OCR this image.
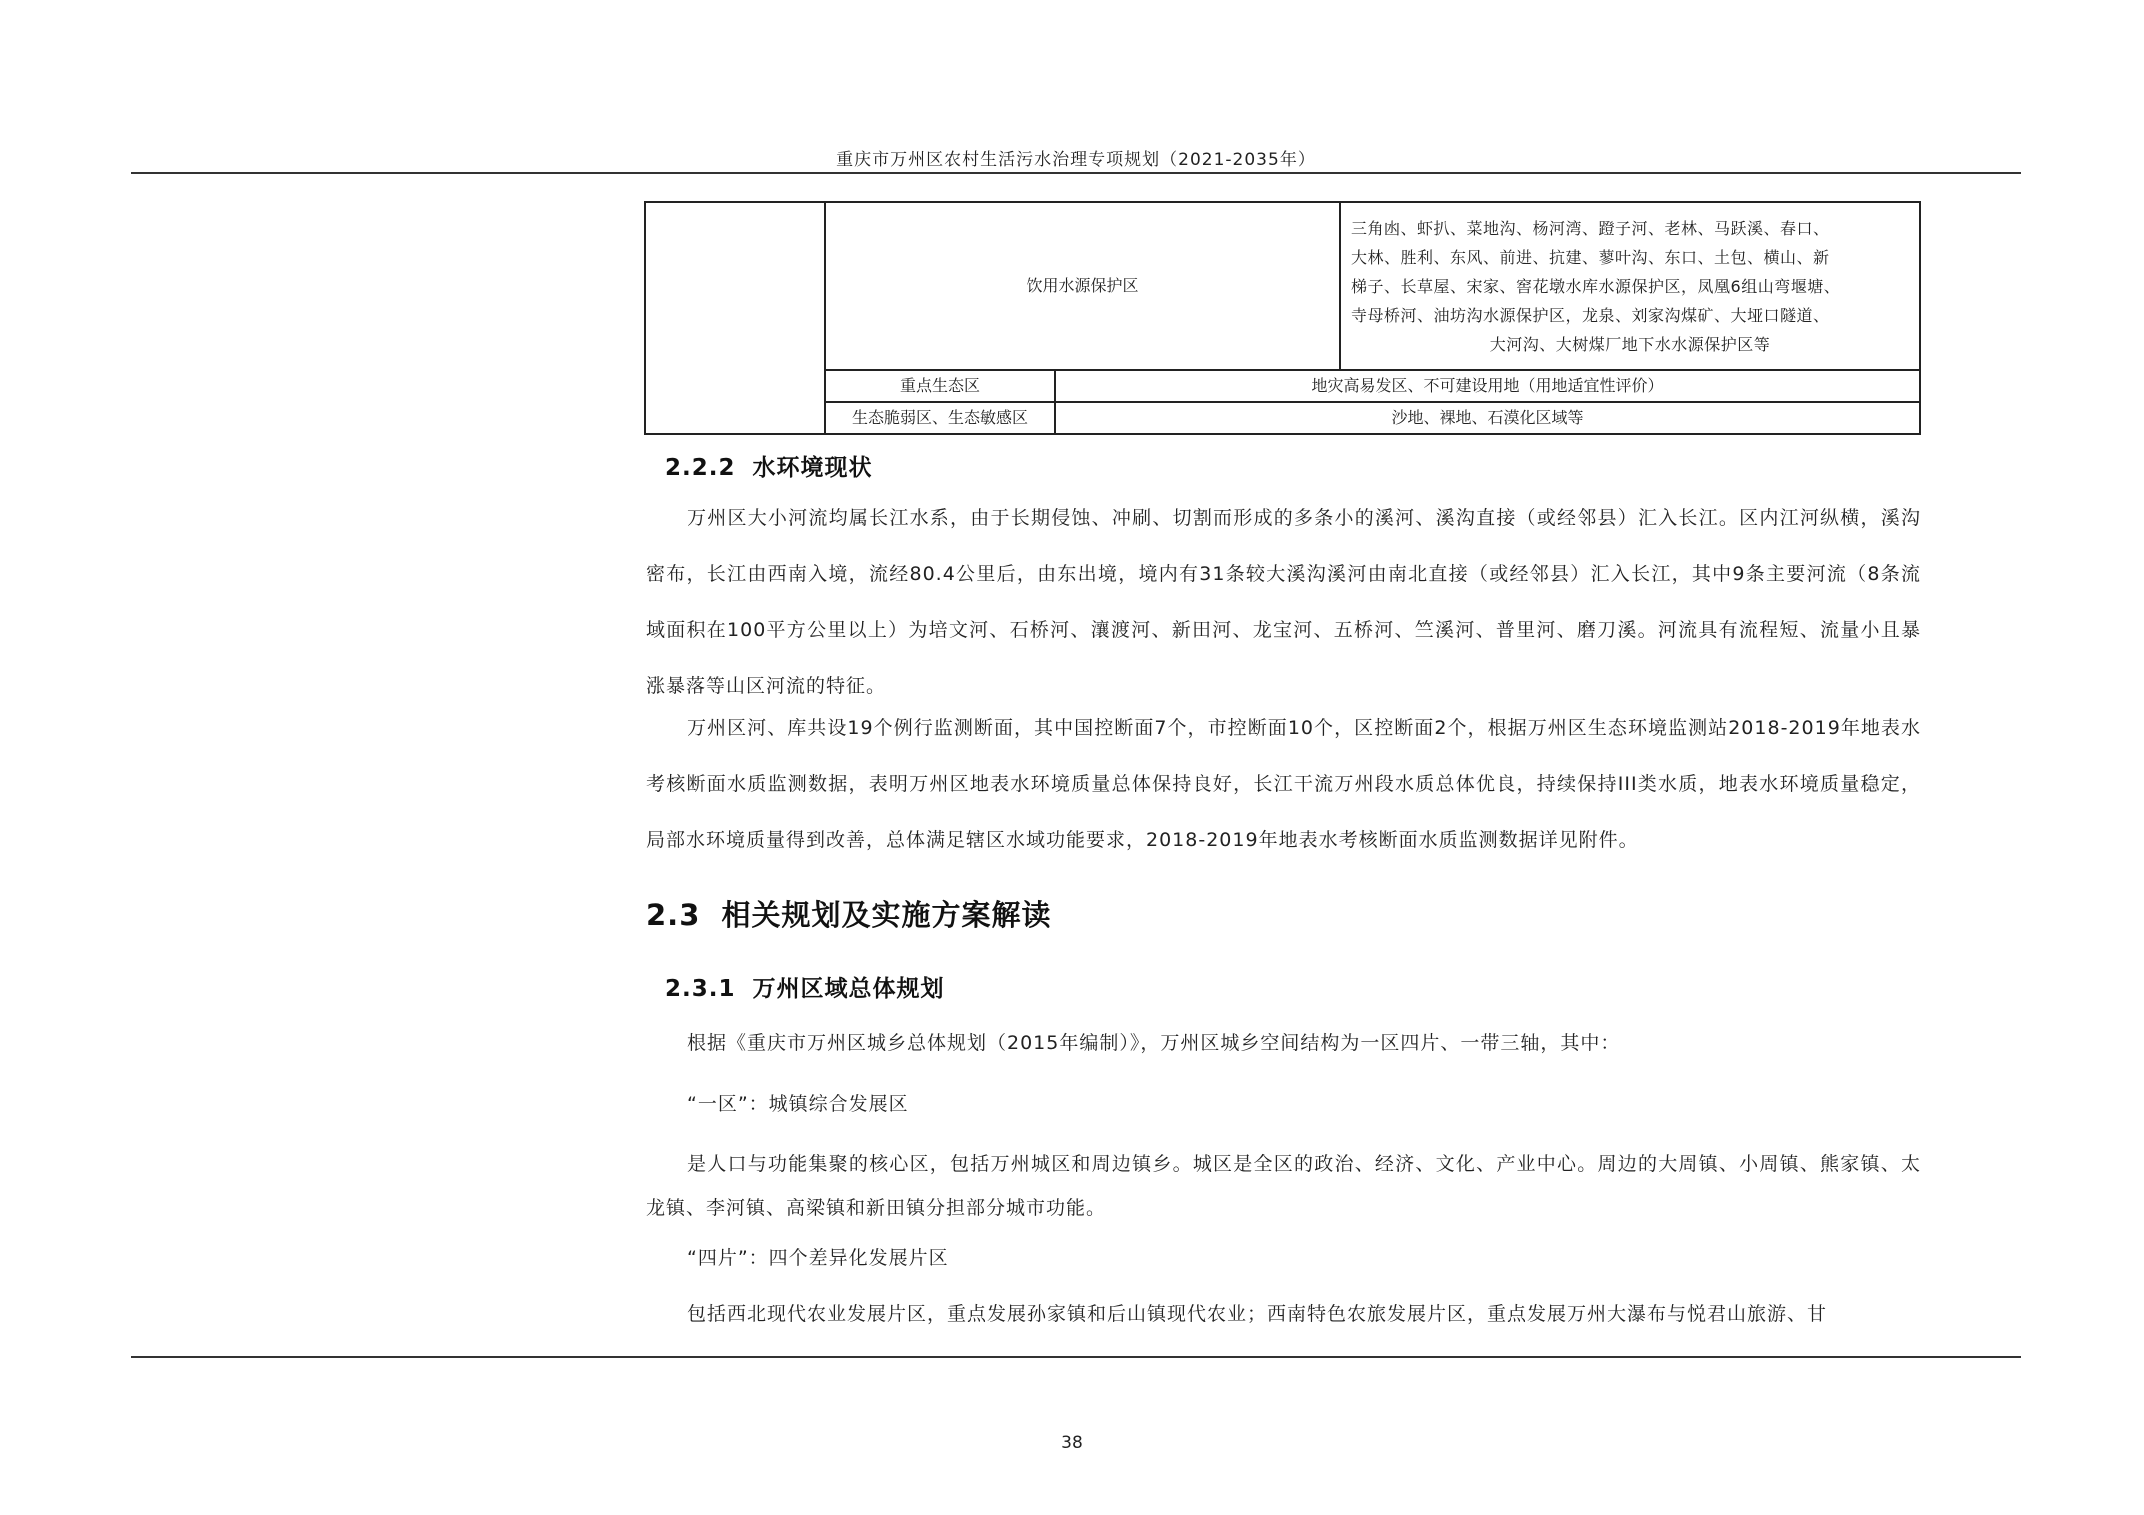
重庆市万州区农村生活污水治理专项规划（2021-2035年）
	饮用水源保护区		三角凼、虾扒、菜地沟、杨河湾、蹬子河、老林、马跃溪、春口、
大林、胜利、东风、前进、抗建、蓼叶沟、东口、土包、横山、新
梯子、长草屋、宋家、窖花墩水库水源保护区，凤凰6组山弯堰塘、
寺母桥河、油坊沟水源保护区，龙泉、刘家沟煤矿、大垭口隧道、
大河沟、大树煤厂地下水水源保护区等

	重点生态区	地灾高易发区、不可建设用地（用地适宜性评价）	
	生态脆弱区、生态敏感区	沙地、裸地、石漠化区域等	
2.2.2 水环境现状
万州区大小河流均属长江水系，由于长期侵蚀、冲刷、切割而形成的多条小的溪河、溪沟直接（或经邻县）汇入长江。区内江河纵横，溪沟密布，长江由西南入境，流经80.4公里后，由东出境，境内有31条较大溪沟溪河由南北直接（或经邻县）汇入长江，其中9条主要河流（8条流域面积在100平方公里以上）为培文河、石桥河、瀼渡河、新田河、龙宝河、五桥河、竺溪河、普里河、磨刀溪。河流具有流程短、流量小且暴涨暴落等山区河流的特征。
万州区河、库共设19个例行监测断面，其中国控断面7个，市控断面10个，区控断面2个，根据万州区生态环境监测站2018-2019年地表水考核断面水质监测数据，表明万州区地表水环境质量总体保持良好，长江干流万州段水质总体优良，持续保持III类水质，地表水环境质量稳定，局部水环境质量得到改善，总体满足辖区水域功能要求，2018-2019年地表水考核断面水质监测数据详见附件。
2.3 相关规划及实施方案解读
2.3.1 万州区域总体规划
根据《重庆市万州区城乡总体规划（2015年编制）》，万州区城乡空间结构为一区四片、一带三轴，其中：
“一区”：城镇综合发展区
是人口与功能集聚的核心区，包括万州城区和周边镇乡。城区是全区的政治、经济、文化、产业中心。周边的大周镇、小周镇、熊家镇、太龙镇、李河镇、高梁镇和新田镇分担部分城市功能。
“四片”：四个差异化发展片区
包括西北现代农业发展片区，重点发展孙家镇和后山镇现代农业；西南特色农旅发展片区，重点发展万州大瀑布与悦君山旅游、甘
38
